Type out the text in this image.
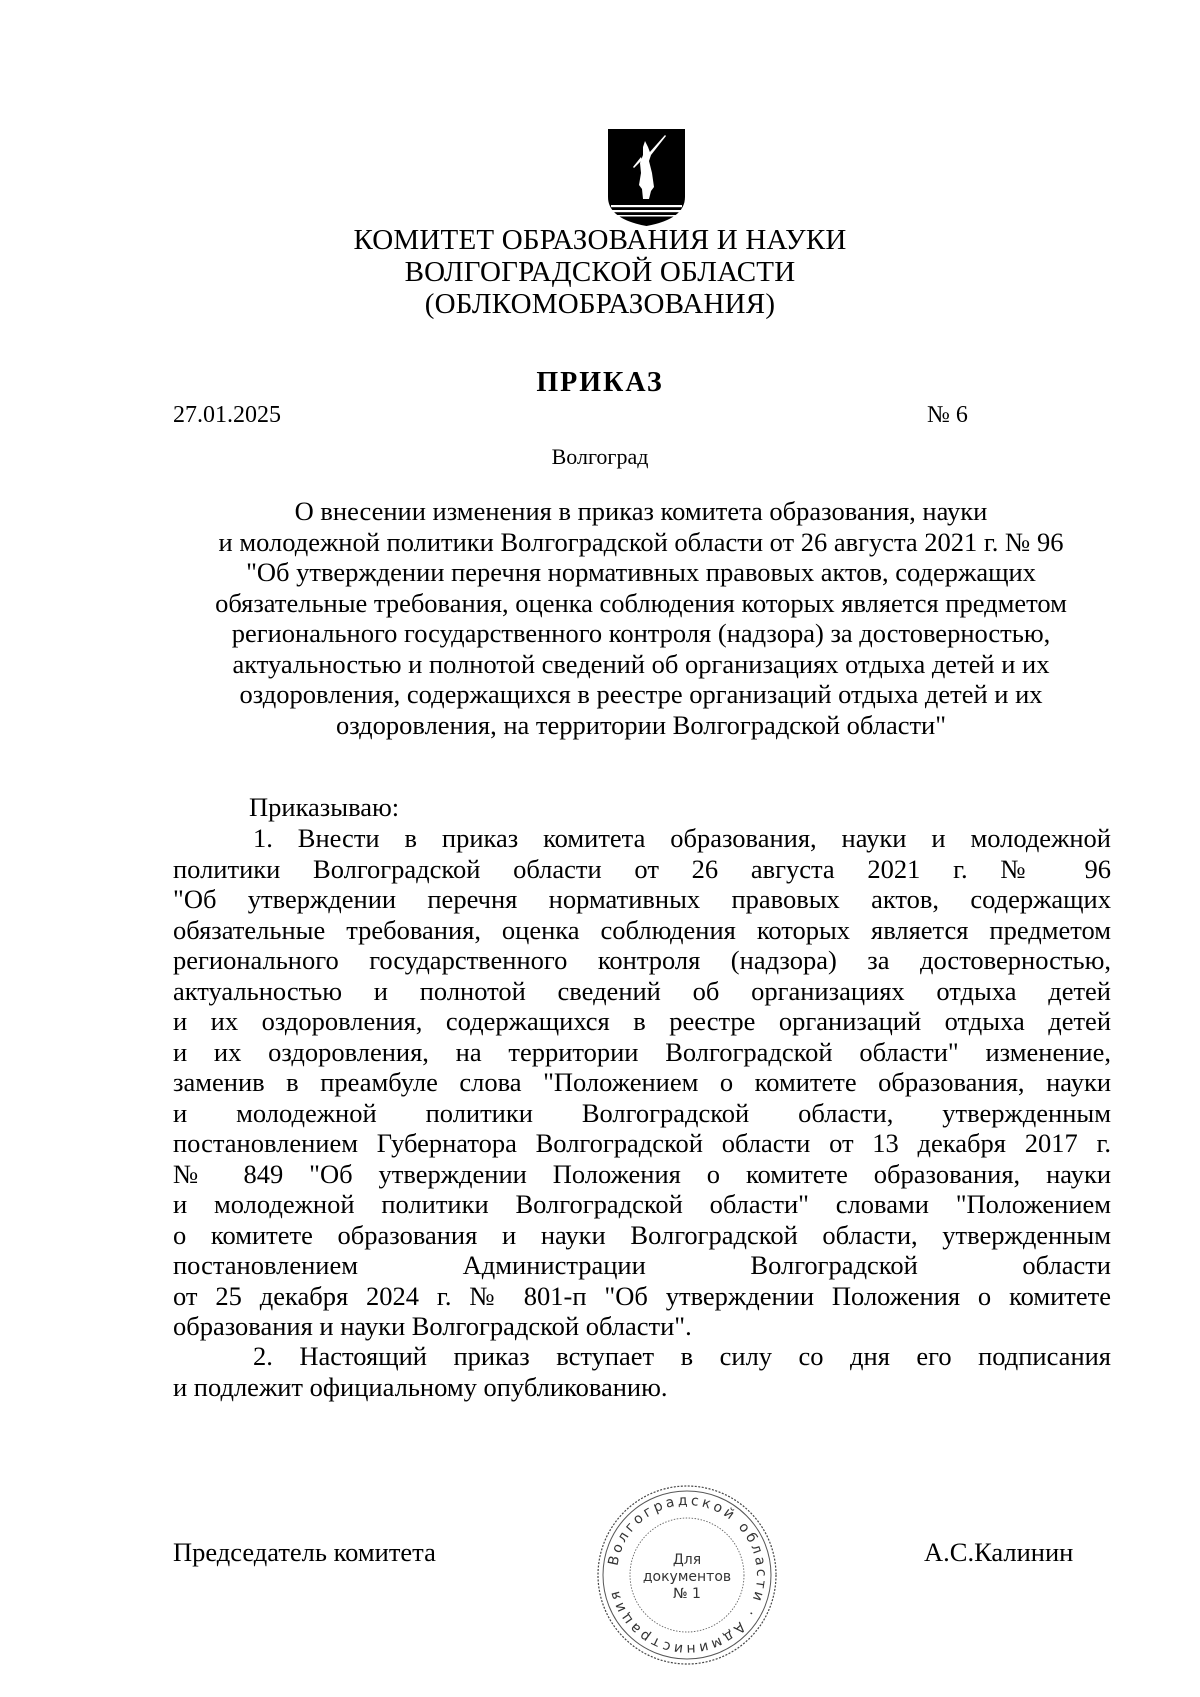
КОМИТЕТ ОБРАЗОВАНИЯ И НАУКИ
ВОЛГОГРАДСКОЙ ОБЛАСТИ
(ОБЛКОМОБРАЗОВАНИЯ)
ПРИКАЗ
27.01.2025	№ 6
Волгоград
О внесении изменения в приказ комитета образования, науки
и молодежной политики Волгоградской области от 26 августа 2021 г. № 96
"Об утверждении перечня нормативных правовых актов, содержащих
обязательные требования, оценка соблюдения которых является предметом
регионального государственного контроля (надзора) за достоверностью,
актуальностью и полнотой сведений об организациях отдыха детей и их
оздоровления, содержащихся в реестре организаций отдыха детей и их
оздоровления, на территории Волгоградской области"
Приказываю:
1. Внести в приказ комитета образования, науки и молодежной
политики Волгоградской области от 26 августа 2021 г. № 96
"Об утверждении перечня нормативных правовых актов, содержащих
обязательные требования, оценка соблюдения которых является предметом
регионального государственного контроля (надзора) за достоверностью,
актуальностью и полнотой сведений об организациях отдыха детей
и их оздоровления, содержащихся в реестре организаций отдыха детей
и их оздоровления, на территории Волгоградской области" изменение,
заменив в преамбуле слова "Положением о комитете образования, науки
и молодежной политики Волгоградской области, утвержденным
постановлением Губернатора Волгоградской области от 13 декабря 2017 г.
№ 849 "Об утверждении Положения о комитете образования, науки
и молодежной политики Волгоградской области" словами "Положением
о комитете образования и науки Волгоградской области, утвержденным
постановлением Администрации Волгоградской области
от 25 декабря 2024 г. № 801-п "Об утверждении Положения о комитете
образования и науки Волгоградской области".
2. Настоящий приказ вступает в силу со дня его подписания
и подлежит официальному опубликованию.
Председатель комитета	А.С.Калинин
Волгоградской области · Администрация
Для
документов
№ 1
